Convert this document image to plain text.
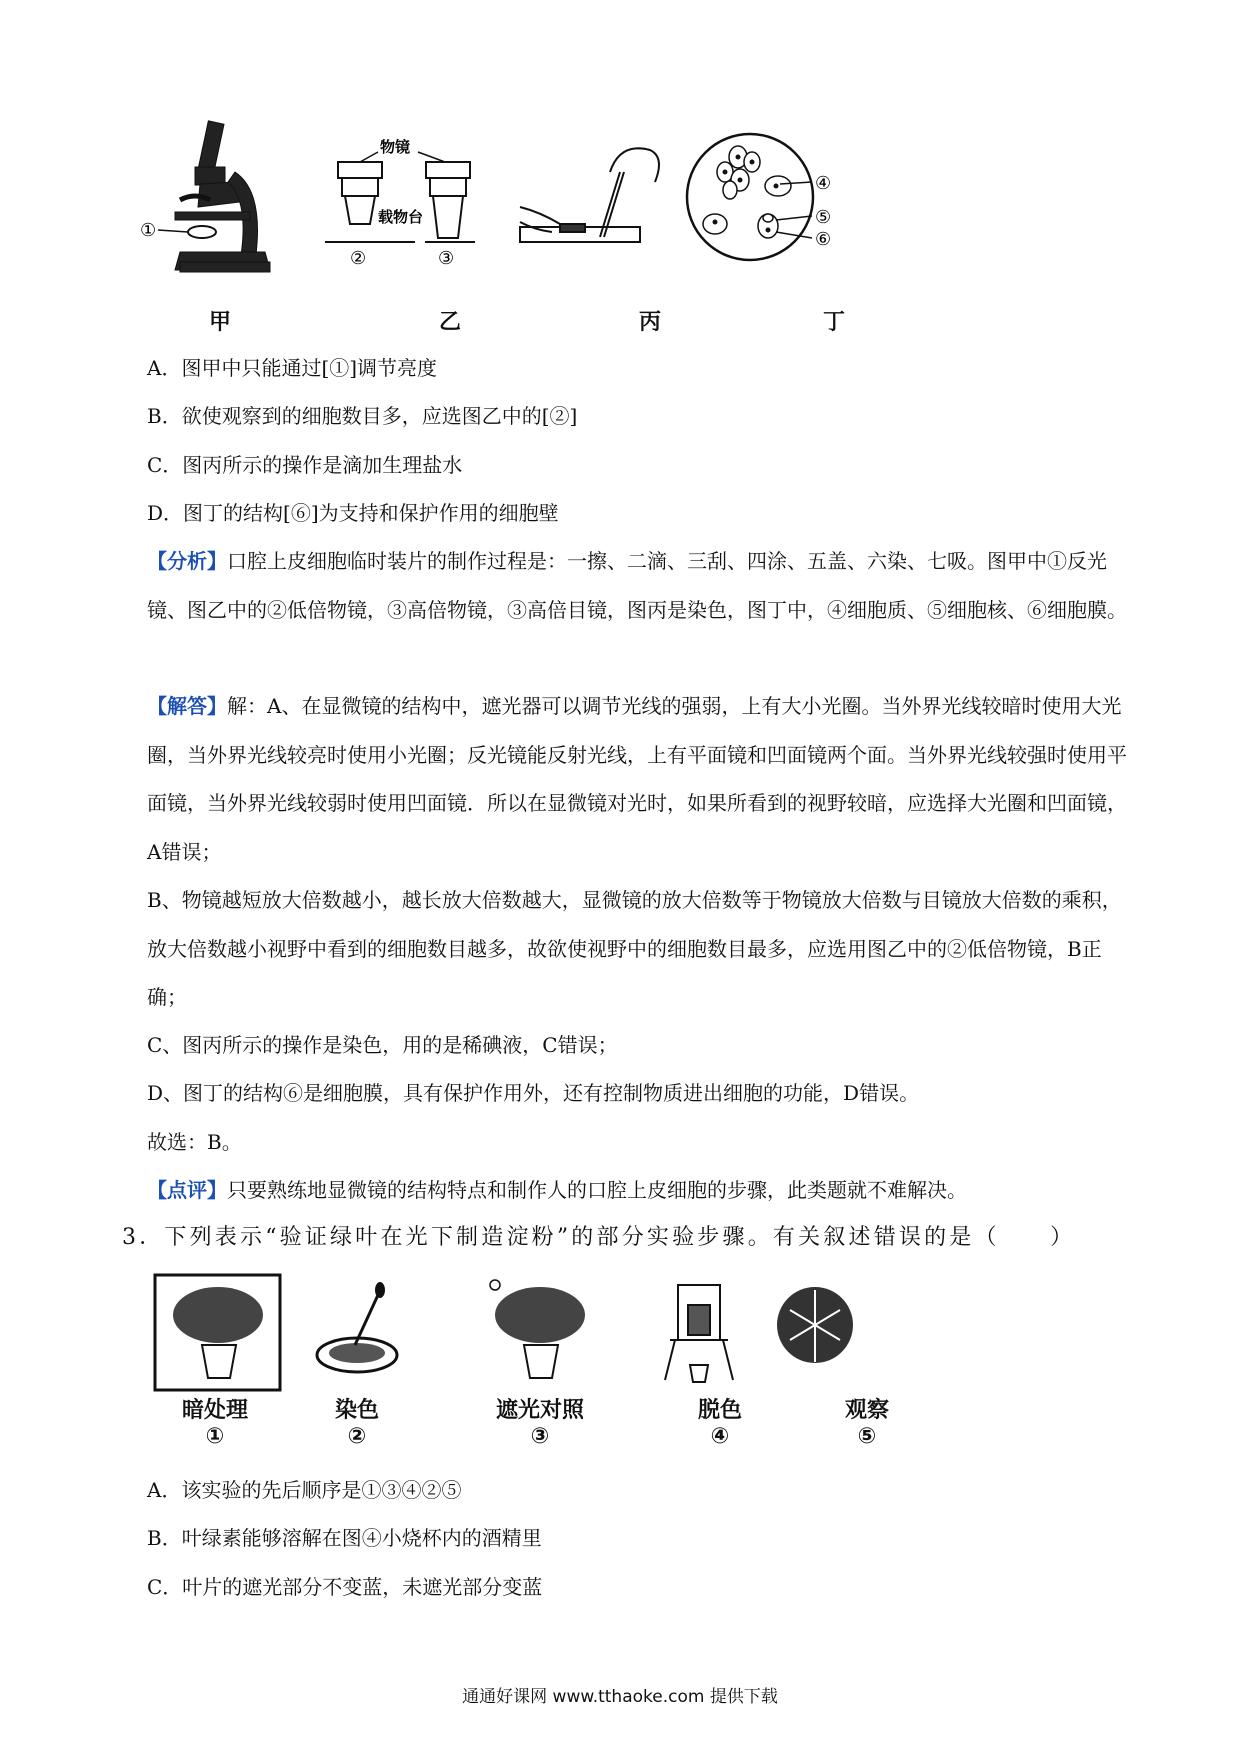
①
物镜
载物台
②	③
④
⑤
⑥
甲	乙	丙	丁
A．图甲中只能通过[①]调节亮度
B．欲使观察到的细胞数目多，应选图乙中的[②]
C．图丙所示的操作是滴加生理盐水
D．图丁的结构[⑥]为支持和保护作用的细胞壁
【分析】口腔上皮细胞临时装片的制作过程是：一擦、二滴、三刮、四涂、五盖、六染、七吸。图甲中①反光镜、图乙中的②低倍物镜，③高倍物镜，③高倍目镜，图丙是染色，图丁中，④细胞质、⑤细胞核、⑥细胞膜。
【解答】解：A、在显微镜的结构中，遮光器可以调节光线的强弱，上有大小光圈。当外界光线较暗时使用大光圈，当外界光线较亮时使用小光圈；反光镜能反射光线，上有平面镜和凹面镜两个面。当外界光线较强时使用平面镜，当外界光线较弱时使用凹面镜．所以在显微镜对光时，如果所看到的视野较暗，应选择大光圈和凹面镜，A错误；
B、物镜越短放大倍数越小，越长放大倍数越大，显微镜的放大倍数等于物镜放大倍数与目镜放大倍数的乘积，放大倍数越小视野中看到的细胞数目越多，故欲使视野中的细胞数目最多，应选用图乙中的②低倍物镜，B正确；
C、图丙所示的操作是染色，用的是稀碘液，C错误；
D、图丁的结构⑥是细胞膜，具有保护作用外，还有控制物质进出细胞的功能，D错误。
故选：B。
【点评】只要熟练地显微镜的结构特点和制作人的口腔上皮细胞的步骤，此类题就不难解决。
3．下列表示“验证绿叶在光下制造淀粉”的部分实验步骤。有关叙述错误的是（　　）
暗处理	染色	遮光对照	脱色	观察
①	②	③	④	⑤
A．该实验的先后顺序是①③④②⑤
B．叶绿素能够溶解在图④小烧杯内的酒精里
C．叶片的遮光部分不变蓝，未遮光部分变蓝
通通好课网 www.tthaoke.com 提供下载
